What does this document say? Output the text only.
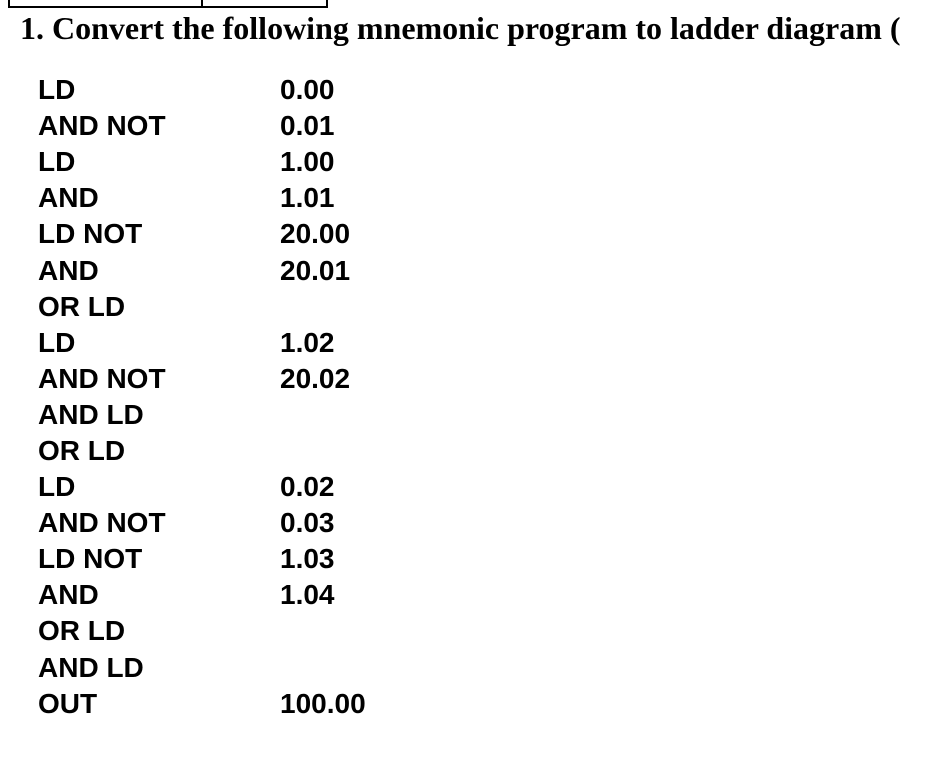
1. Convert the following mnemonic program to ladder diagram (
LD	0.00
AND NOT	0.01
LD	1.00
AND	1.01
LD NOT	20.00
AND	20.01
OR LD
LD	1.02
AND NOT	20.02
AND LD
OR LD
LD	0.02
AND NOT	0.03
LD NOT	1.03
AND	1.04
OR LD
AND LD
OUT	100.00
